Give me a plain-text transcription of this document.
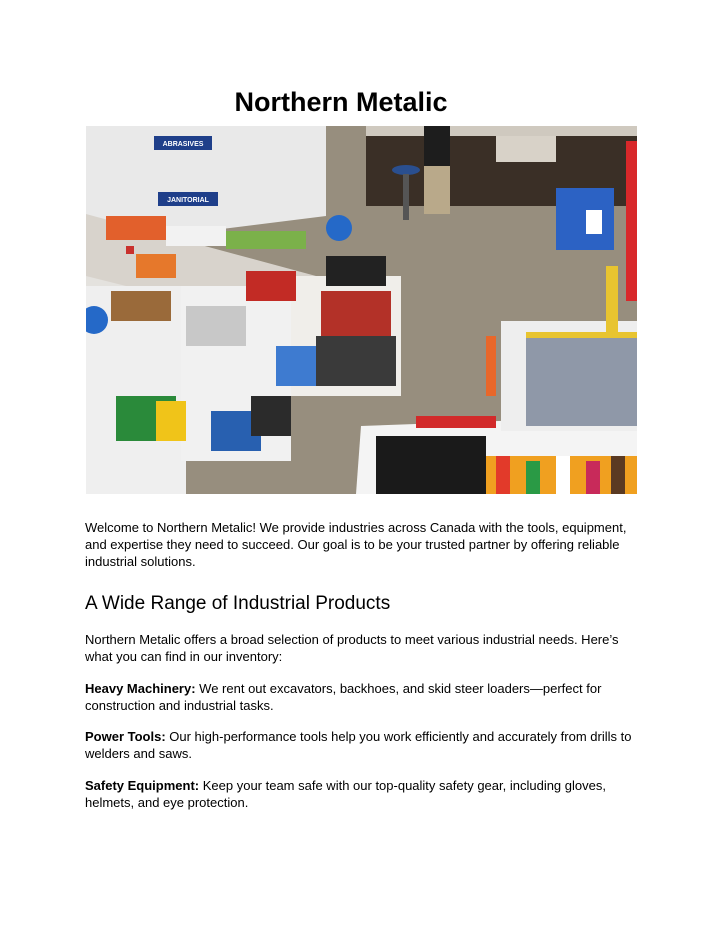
Northern Metalic
ABRASIVES
JANITORIAL

Welcome to Northern Metalic! We provide industries across Canada with the tools, equipment, and expertise they need to succeed. Our goal is to be your trusted partner by offering reliable industrial solutions.

A Wide Range of Industrial Products

Northern Metalic offers a broad selection of products to meet various industrial needs. Here’s what you can find in our inventory:

Heavy Machinery: We rent out excavators, backhoes, and skid steer loaders—perfect for construction and industrial tasks.

Power Tools: Our high-performance tools help you work efficiently and accurately from drills to welders and saws.

Safety Equipment: Keep your team safe with our top-quality safety gear, including gloves, helmets, and eye protection.
